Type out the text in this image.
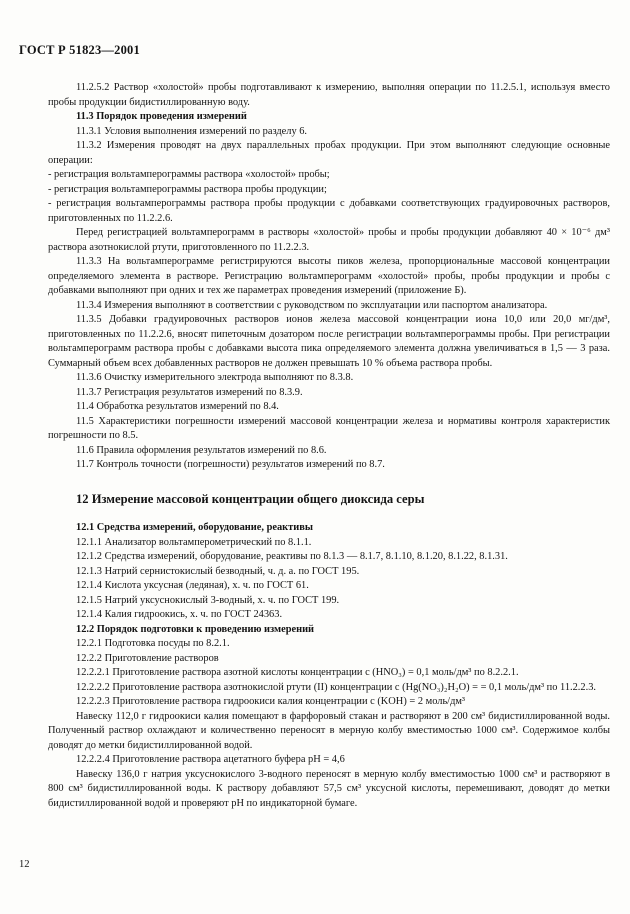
ГОСТ Р 51823—2001

11.2.5.2 Раствор «холостой» пробы подготавливают к измерению, выполняя операции по 11.2.5.1, используя вместо пробы продукции бидистиллированную воду.

11.3 Порядок проведения измерений

11.3.1 Условия выполнения измерений по разделу 6.

11.3.2 Измерения проводят на двух параллельных пробах продукции. При этом выполняют следующие основные операции:

- регистрация вольтамперограммы раствора «холостой» пробы;

- регистрация вольтамперограммы раствора пробы продукции;

- регистрация вольтамперограммы раствора пробы продукции с добавками соответствующих градуировочных растворов, приготовленных по 11.2.2.6.

Перед регистрацией вольтамперограмм в растворы «холостой» пробы и пробы продукции добавляют 40 × 10⁻⁶ дм³ раствора азотнокислой ртути, приготовленного по 11.2.2.3.

11.3.3 На вольтамперограмме регистрируются высоты пиков железа, пропорциональные массовой концентрации определяемого элемента в растворе. Регистрацию вольтамперограмм «холостой» пробы, пробы продукции и пробы с добавками выполняют при одних и тех же параметрах проведения измерений (приложение Б).

11.3.4 Измерения выполняют в соответствии с руководством по эксплуатации или паспортом анализатора.

11.3.5 Добавки градуировочных растворов ионов железа массовой концентрации иона 10,0 или 20,0 мг/дм³, приготовленных по 11.2.2.6, вносят пипеточным дозатором после регистрации вольтамперограммы пробы. При регистрации вольтамперограмм раствора пробы с добавками высота пика определяемого элемента должна увеличиваться в 1,5 — 3 раза. Суммарный объем всех добавленных растворов не должен превышать 10 % объема раствора пробы.

11.3.6 Очистку измерительного электрода выполняют по 8.3.8.

11.3.7 Регистрация результатов измерений по 8.3.9.

11.4 Обработка результатов измерений по 8.4.

11.5 Характеристики погрешности измерений массовой концентрации железа и нормативы контроля характеристик погрешности по 8.5.

11.6 Правила оформления результатов измерений по 8.6.

11.7 Контроль точности (погрешности) результатов измерений по 8.7.

12 Измерение массовой концентрации общего диоксида серы

12.1 Средства измерений, оборудование, реактивы

12.1.1 Анализатор вольтамперометрический по 8.1.1.

12.1.2 Средства измерений, оборудование, реактивы по 8.1.3 — 8.1.7, 8.1.10, 8.1.20, 8.1.22, 8.1.31.

12.1.3 Натрий сернистокислый безводный, ч. д. а. по ГОСТ 195.

12.1.4 Кислота уксусная (ледяная), х. ч. по ГОСТ 61.

12.1.5 Натрий уксуснокислый 3-водный, х. ч. по ГОСТ 199.

12.1.4 Калия гидроокись, х. ч. по ГОСТ 24363.

12.2 Порядок подготовки к проведению измерений

12.2.1 Подготовка посуды по 8.2.1.

12.2.2 Приготовление растворов

12.2.2.1 Приготовление раствора азотной кислоты концентрации c (HNO₃) = 0,1 моль/дм³ по 8.2.2.1.

12.2.2.2 Приготовление раствора азотнокислой ртути (II) концентрации c (Hg(NO₃)₂H₂O) = = 0,1 моль/дм³ по 11.2.2.3.

12.2.2.3 Приготовление раствора гидроокиси калия концентрации c (KOH) = 2 моль/дм³

Навеску 112,0 г гидроокиси калия помещают в фарфоровый стакан и растворяют в 200 см³ бидистиллированной воды. Полученный раствор охлаждают и количественно переносят в мерную колбу вместимостью 1000 см³. Содержимое колбы доводят до метки бидистиллированной водой.

12.2.2.4 Приготовление раствора ацетатного буфера pH = 4,6

Навеску 136,0 г натрия уксуснокислого 3-водного переносят в мерную колбу вместимостью 1000 см³ и растворяют в 800 см³ бидистиллированной воды. К раствору добавляют 57,5 см³ уксусной кислоты, перемешивают, доводят до метки бидистиллированной водой и проверяют pH по индикаторной бумаге.

12
